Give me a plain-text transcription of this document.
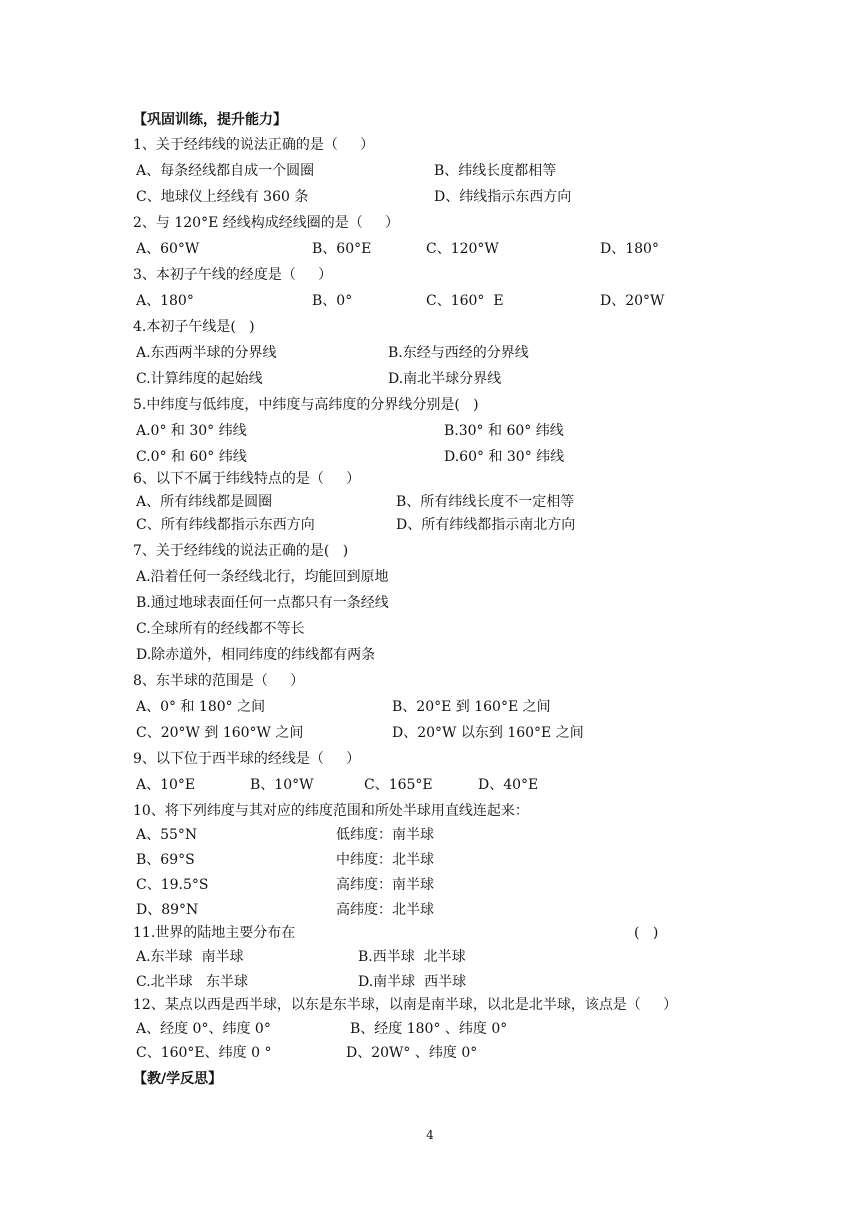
【巩固训练，提升能力】

1、关于经纬线的说法正确的是（     ）

A、每条经线都自成一个圆圈

	B、纬线长度都相等

C、地球仪上经线有 360 条

	D、纬线指示东西方向

2、与 120°E 经线构成经线圈的是（     ）

A、60°W

	B、60°E

	C、120°W

	D、180°

3、本初子午线的经度是（     ）

A、180°

	B、0°

	C、160°  E

	D、20°W

4.本初子午线是(   )

A.东西两半球的分界线

	B.东经与西经的分界线

C.计算纬度的起始线

	D.南北半球分界线

5.中纬度与低纬度，中纬度与高纬度的分界线分别是(   )

A.0° 和 30° 纬线

	B.30° 和 60° 纬线

C.0° 和 60° 纬线

	D.60° 和 30° 纬线

6、以下不属于纬线特点的是（     ）

A、所有纬线都是圆圈

	B、所有纬线长度不一定相等

C、所有纬线都指示东西方向

	D、所有纬线都指示南北方向

7、关于经纬线的说法正确的是(   )

A.沿着任何一条经线北行，均能回到原地

B.通过地球表面任何一点都只有一条经线

C.全球所有的经线都不等长

D.除赤道外，相同纬度的纬线都有两条

8、东半球的范围是（     ）

A、0° 和 180° 之间

	B、20°E 到 160°E 之间

C、20°W 到 160°W 之间

	D、20°W 以东到 160°E 之间

9、以下位于西半球的经线是（     ）

A、10°E

	B、10°W

	C、165°E

	D、40°E

10、将下列纬度与其对应的纬度范围和所处半球用直线连起来：

A、55°N

	低纬度：南半球

B、69°S

	中纬度：北半球

C、19.5°S

	高纬度：南半球

D、89°N

	高纬度：北半球

11.世界的陆地主要分布在

	(   )

A.东半球  南半球

	B.西半球  北半球

C.北半球   东半球

	D.南半球  西半球

12、某点以西是西半球，以东是东半球，以南是南半球，以北是北半球，该点是（     ）

A、经度 0°、纬度 0°

	B、经度 180° 、纬度 0°

C、160°E、纬度 0 °

	D、20W° 、纬度 0°

【教/学反思】

4
